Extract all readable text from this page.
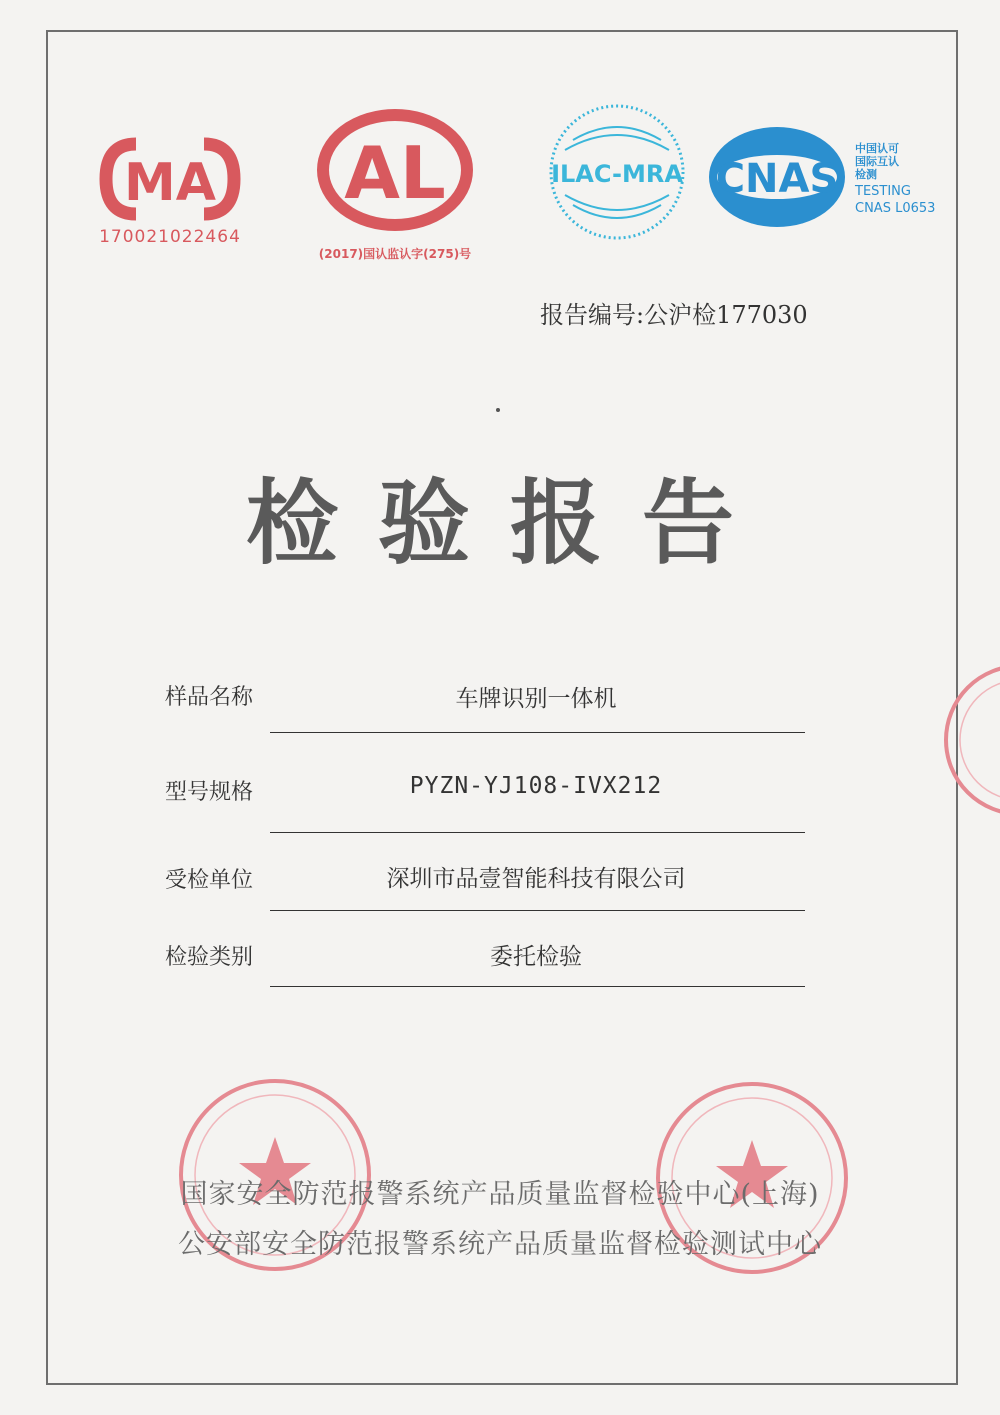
MA
170021022464
AL
(2017)国认监认字(275)号
ILAC-MRA CNAS
中国认可
国际互认
检测
TESTING
CNAS L0653
报告编号:公沪检177030
检验报告
样品名称	车牌识别一体机
型号规格	PYZN-YJ108-IVX212
受检单位	深圳市品壹智能科技有限公司
检验类别	委托检验
国家安全防范报警系统产品质量监督检验中心(上海)
公安部安全防范报警系统产品质量监督检验测试中心
